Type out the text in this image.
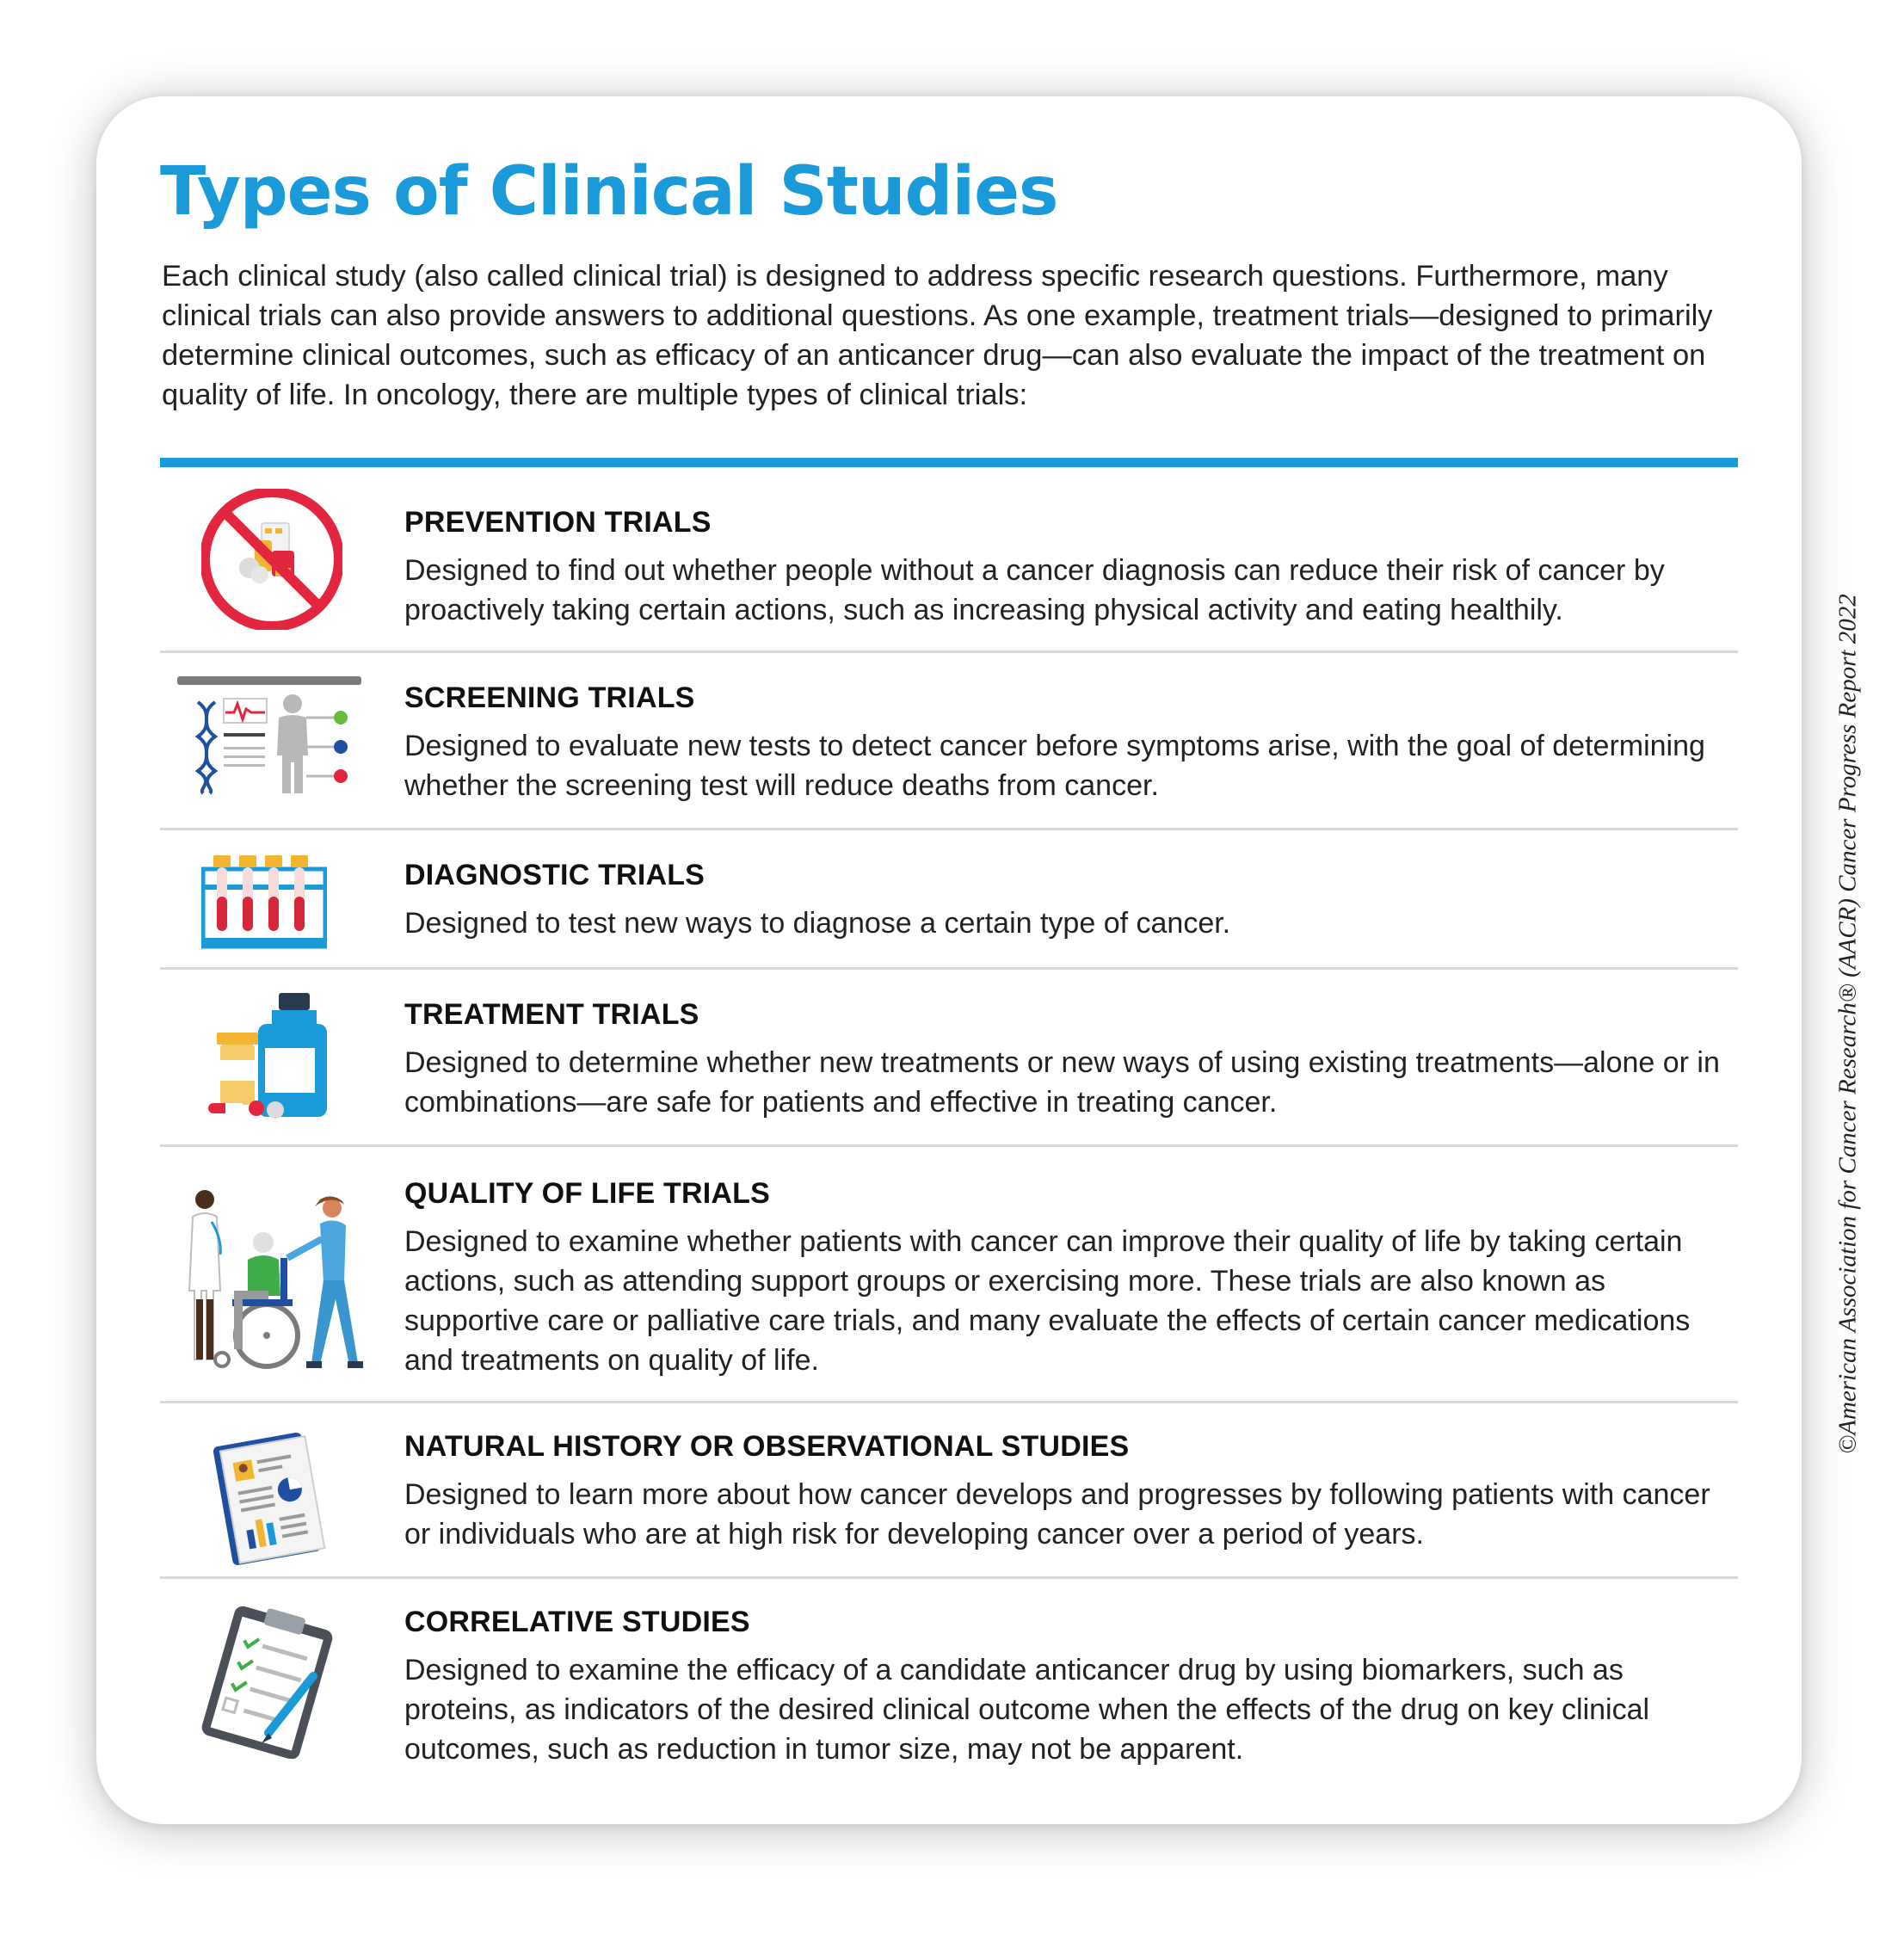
Types of Clinical Studies

Each clinical study (also called clinical trial) is designed to address specific research questions. Furthermore, many clinical trials can also provide answers to additional questions. As one example, treatment trials—designed to primarily determine clinical outcomes, such as efficacy of an anticancer drug—can also evaluate the impact of the treatment on quality of life. In oncology, there are multiple types of clinical trials:

PREVENTION TRIALS

Designed to find out whether people without a cancer diagnosis can reduce their risk of cancer by proactively taking certain actions, such as increasing physical activity and eating healthily.

SCREENING TRIALS

Designed to evaluate new tests to detect cancer before symptoms arise, with the goal of determining whether the screening test will reduce deaths from cancer.

DIAGNOSTIC TRIALS

Designed to test new ways to diagnose a certain type of cancer.

TREATMENT TRIALS

Designed to determine whether new treatments or new ways of using existing treatments—alone or in combinations—are safe for patients and effective in treating cancer.

QUALITY OF LIFE TRIALS

Designed to examine whether patients with cancer can improve their quality of life by taking certain actions, such as attending support groups or exercising more. These trials are also known as supportive care or palliative care trials, and many evaluate the effects of certain cancer medications and treatments on quality of life.

NATURAL HISTORY OR OBSERVATIONAL STUDIES

Designed to learn more about how cancer develops and progresses by following patients with cancer or individuals who are at high risk for developing cancer over a period of years.

CORRELATIVE STUDIES

Designed to examine the efficacy of a candidate anticancer drug by using biomarkers, such as proteins, as indicators of the desired clinical outcome when the effects of the drug on key clinical outcomes, such as reduction in tumor size, may not be apparent.

©American Association for Cancer Research® (AACR) Cancer Progress Report 2022
